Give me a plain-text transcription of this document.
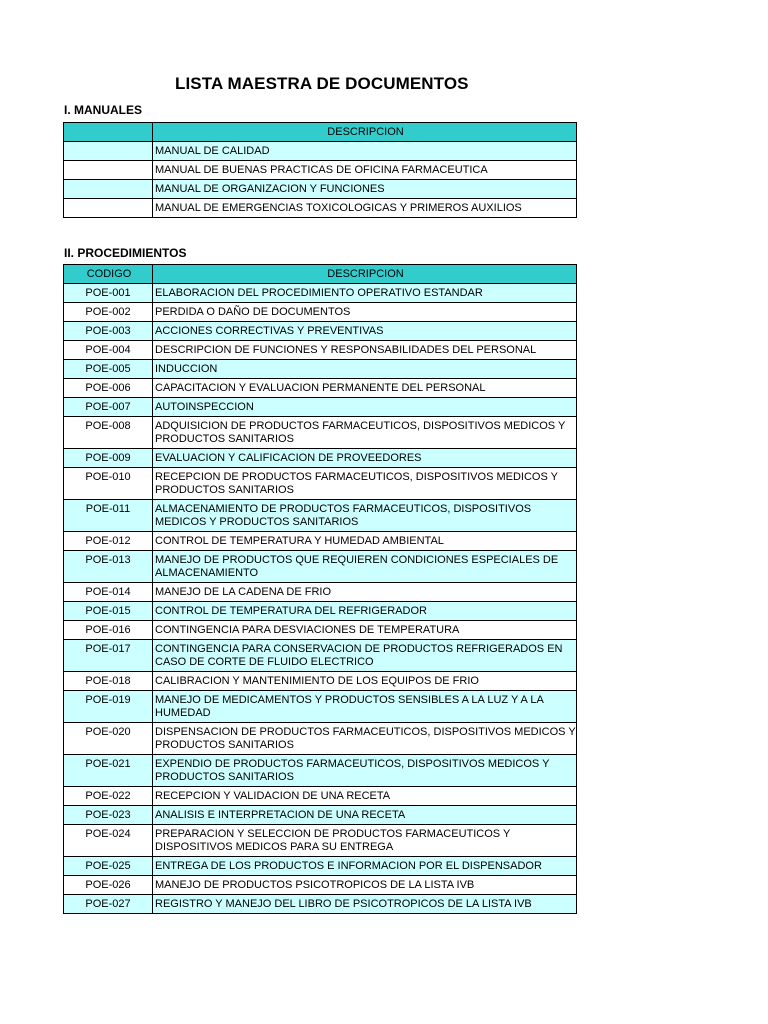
LISTA MAESTRA DE DOCUMENTOS
I. MANUALES
	DESCRIPCION
	MANUAL DE CALIDAD
	MANUAL DE BUENAS PRACTICAS DE OFICINA FARMACEUTICA
	MANUAL DE ORGANIZACION Y FUNCIONES
	MANUAL DE EMERGENCIAS TOXICOLOGICAS Y PRIMEROS AUXILIOS
II. PROCEDIMIENTOS
CODIGO	DESCRIPCION
POE-001	ELABORACION DEL PROCEDIMIENTO OPERATIVO ESTANDAR
POE-002	PERDIDA O DAÑO DE DOCUMENTOS
POE-003	ACCIONES CORRECTIVAS Y PREVENTIVAS
POE-004	DESCRIPCION DE FUNCIONES Y RESPONSABILIDADES DEL PERSONAL
POE-005	INDUCCION
POE-006	CAPACITACION Y EVALUACION PERMANENTE DEL PERSONAL
POE-007	AUTOINSPECCION
POE-008	ADQUISICION DE PRODUCTOS FARMACEUTICOS, DISPOSITIVOS MEDICOS Y PRODUCTOS SANITARIOS
POE-009	EVALUACION Y CALIFICACION DE PROVEEDORES
POE-010	RECEPCION DE PRODUCTOS FARMACEUTICOS, DISPOSITIVOS MEDICOS Y PRODUCTOS SANITARIOS
POE-011	ALMACENAMIENTO DE PRODUCTOS FARMACEUTICOS, DISPOSITIVOS MEDICOS Y PRODUCTOS SANITARIOS
POE-012	CONTROL DE TEMPERATURA Y HUMEDAD AMBIENTAL
POE-013	MANEJO DE PRODUCTOS QUE REQUIEREN CONDICIONES ESPECIALES DE ALMACENAMIENTO
POE-014	MANEJO DE LA CADENA DE FRIO
POE-015	CONTROL DE TEMPERATURA DEL REFRIGERADOR
POE-016	CONTINGENCIA PARA DESVIACIONES DE TEMPERATURA
POE-017	CONTINGENCIA PARA CONSERVACION DE PRODUCTOS REFRIGERADOS EN CASO DE CORTE DE FLUIDO ELECTRICO
POE-018	CALIBRACION Y MANTENIMIENTO DE LOS EQUIPOS DE FRIO
POE-019	MANEJO DE MEDICAMENTOS Y PRODUCTOS SENSIBLES A LA LUZ Y A LA HUMEDAD
POE-020	DISPENSACION DE PRODUCTOS FARMACEUTICOS, DISPOSITIVOS MEDICOS Y PRODUCTOS SANITARIOS
POE-021	EXPENDIO DE PRODUCTOS FARMACEUTICOS, DISPOSITIVOS MEDICOS Y PRODUCTOS SANITARIOS
POE-022	RECEPCION Y VALIDACION DE UNA RECETA
POE-023	ANALISIS E INTERPRETACION DE UNA RECETA
POE-024	PREPARACION Y SELECCION DE PRODUCTOS FARMACEUTICOS Y DISPOSITIVOS MEDICOS PARA SU ENTREGA
POE-025	ENTREGA DE LOS PRODUCTOS E INFORMACION POR EL DISPENSADOR
POE-026	MANEJO DE PRODUCTOS PSICOTROPICOS DE LA LISTA IVB
POE-027	REGISTRO Y MANEJO DEL LIBRO DE PSICOTROPICOS DE LA LISTA IVB
